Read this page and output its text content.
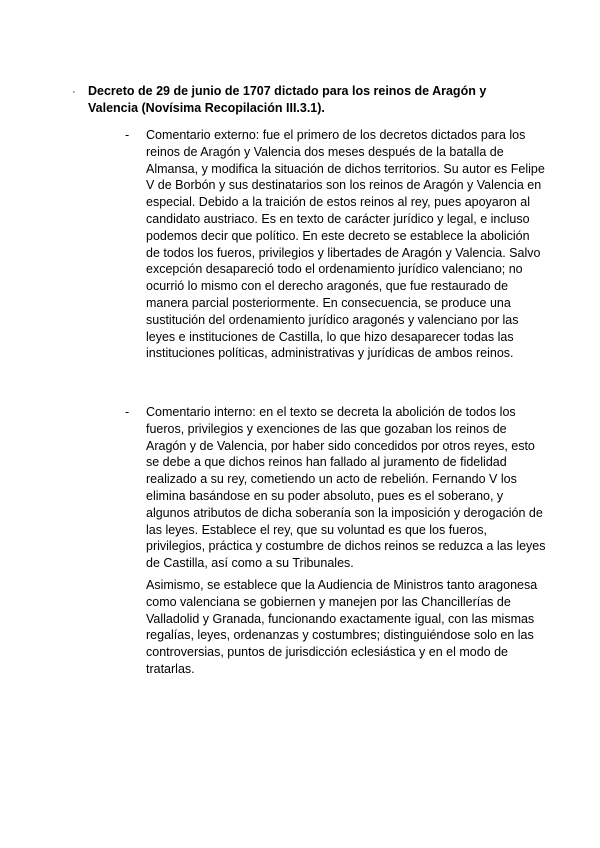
· Decreto de 29 de junio de 1707 dictado para los reinos de Aragón y Valencia (Novísima Recopilación III.3.1).

- Comentario externo: fue el primero de los decretos dictados para los reinos de Aragón y Valencia dos meses después de la batalla de Almansa, y modifica la situación de dichos territorios. Su autor es Felipe V de Borbón y sus destinatarios son los reinos de Aragón y Valencia en especial. Debido a la traición de estos reinos al rey, pues apoyaron al candidato austriaco. Es en texto de carácter jurídico y legal, e incluso podemos decir que político. En este decreto se establece la abolición de todos los fueros, privilegios y libertades de Aragón y Valencia. Salvo excepción desapareció todo el ordenamiento jurídico valenciano; no ocurrió lo mismo con el derecho aragonés, que fue restaurado de manera parcial posteriormente. En consecuencia, se produce una sustitución del ordenamiento jurídico aragonés y valenciano por las leyes e instituciones de Castilla, lo que hizo desaparecer todas las instituciones políticas, administrativas y jurídicas de ambos reinos.

- Comentario interno: en el texto se decreta la abolición de todos los fueros, privilegios y exenciones de las que gozaban los reinos de Aragón y de Valencia, por haber sido concedidos por otros reyes, esto se debe a que dichos reinos han fallado al juramento de fidelidad realizado a su rey, cometiendo un acto de rebelión. Fernando V los elimina basándose en su poder absoluto, pues es el soberano, y algunos atributos de dicha soberanía son la imposición y derogación de las leyes. Establece el rey, que su voluntad es que los fueros, privilegios, práctica y costumbre de dichos reinos se reduzca a las leyes de Castilla, así como a su Tribunales.

Asimismo, se establece que la Audiencia de Ministros tanto aragonesa como valenciana se gobiernen y manejen por las Chancillerías de Valladolid y Granada, funcionando exactamente igual, con las mismas regalías, leyes, ordenanzas y costumbres; distinguiéndose solo en las controversias, puntos de jurisdicción eclesiástica y en el modo de tratarlas.
